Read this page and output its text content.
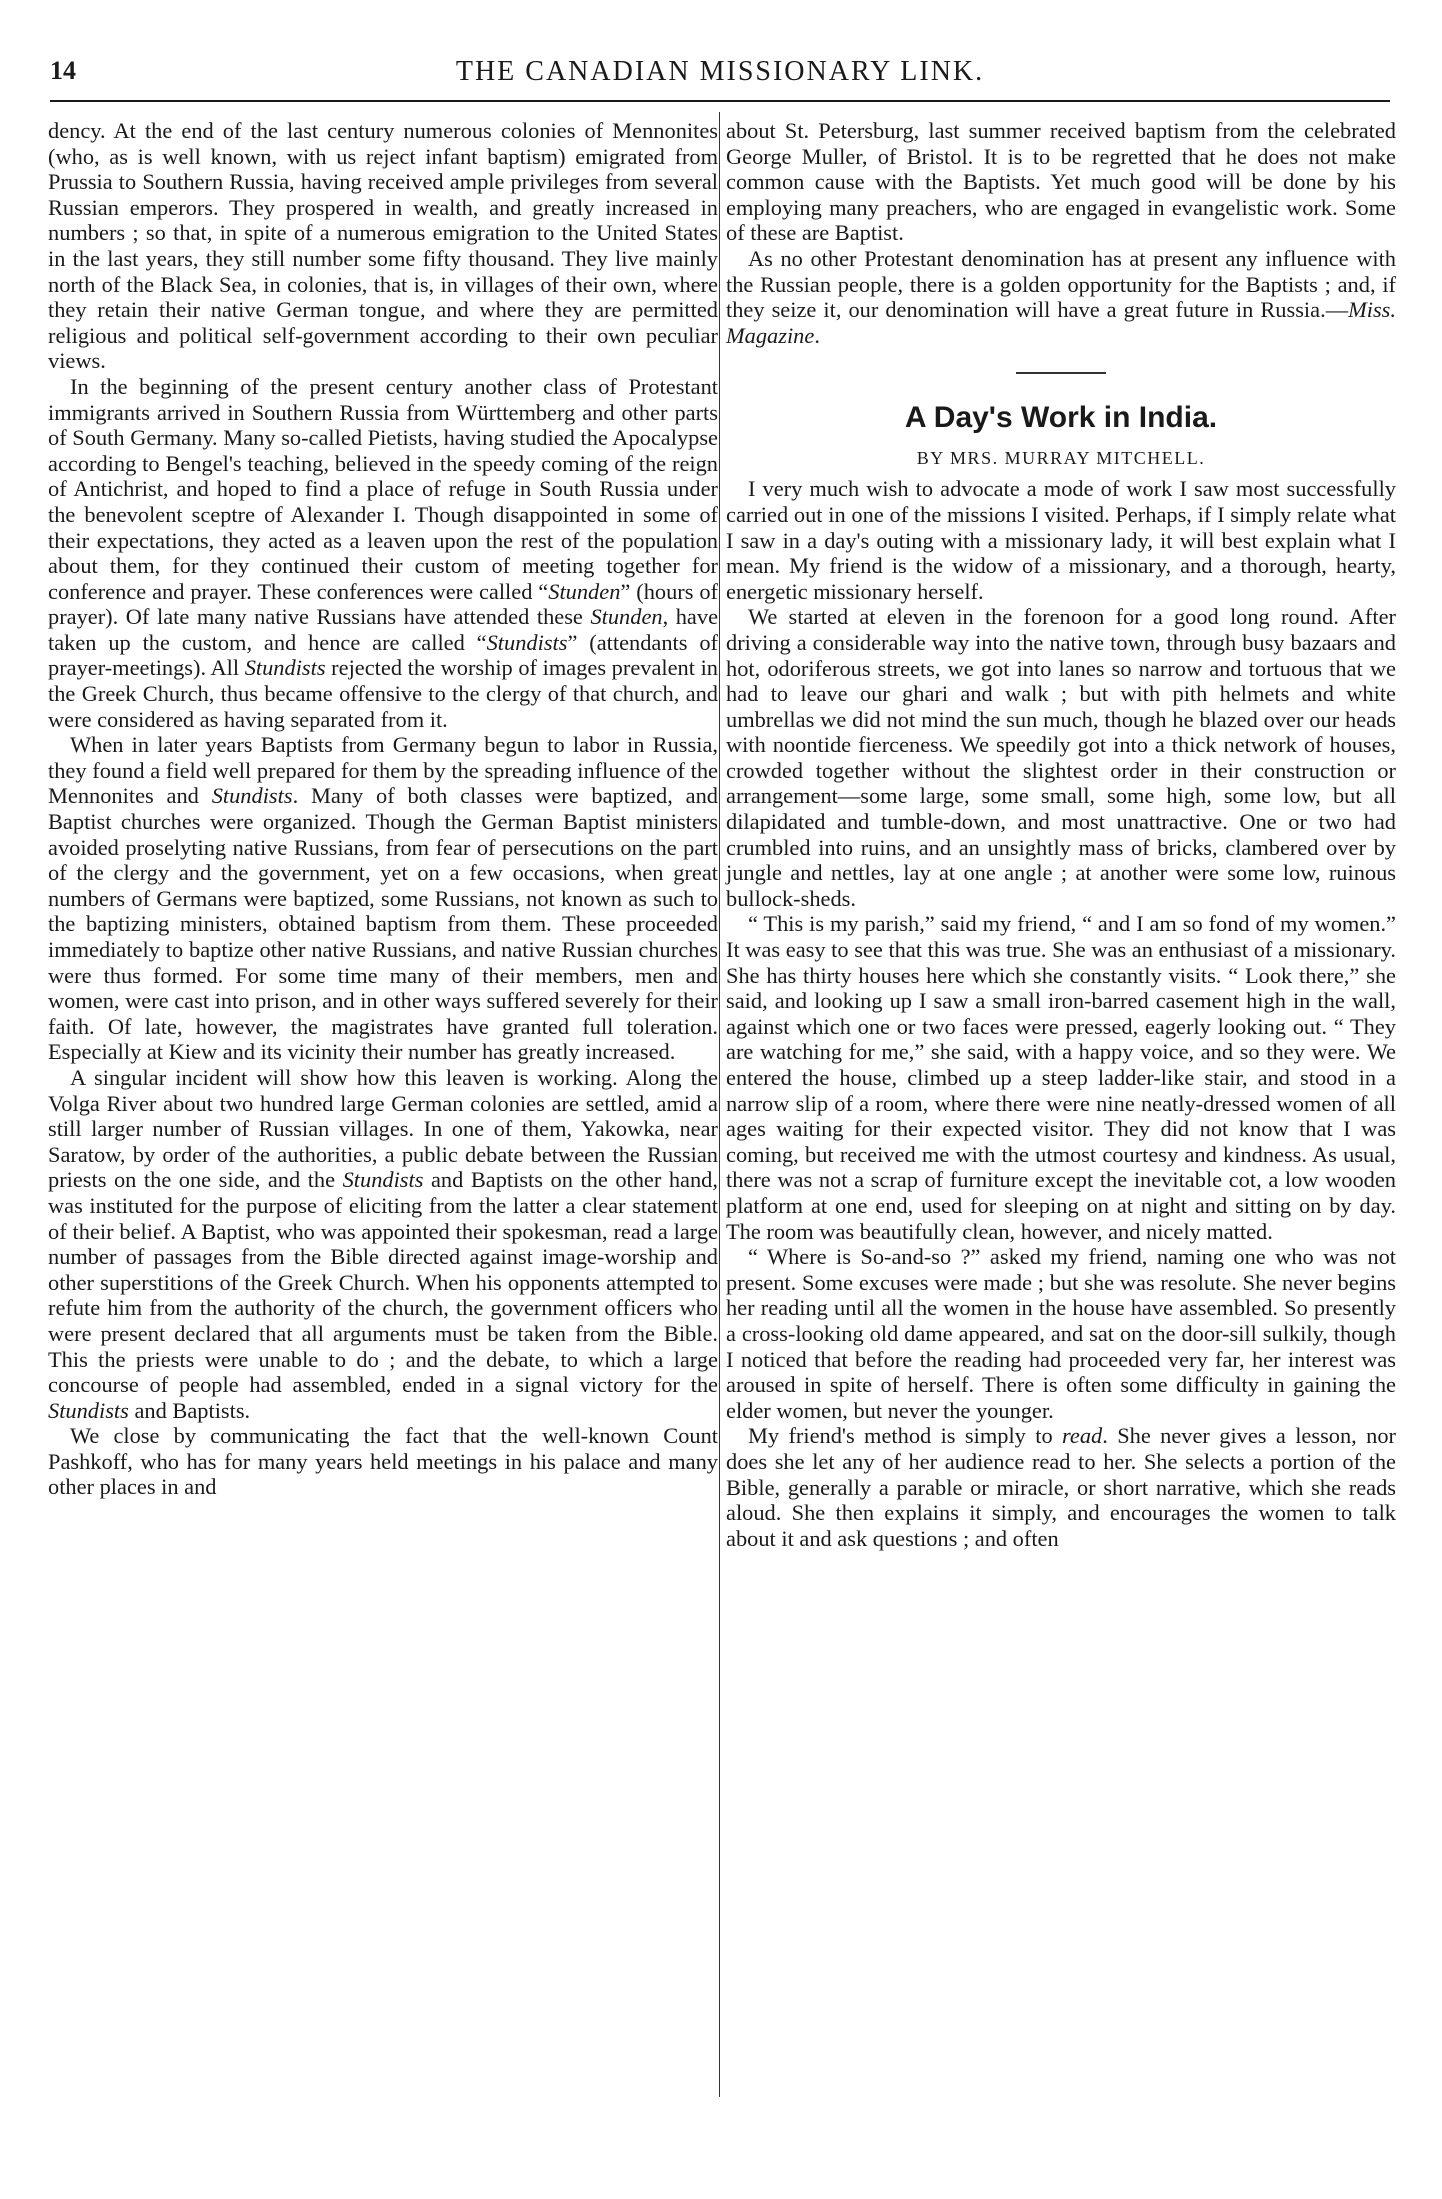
14	THE CANADIAN MISSIONARY LINK.

dency. At the end of the last century numerous colonies of Mennonites (who, as is well known, with us reject infant baptism) emigrated from Prussia to Southern Russia, having received ample privileges from several Russian emperors. They prospered in wealth, and greatly increased in numbers ; so that, in spite of a numerous emigration to the United States in the last years, they still number some fifty thousand. They live mainly north of the Black Sea, in colonies, that is, in villages of their own, where they retain their native German tongue, and where they are permitted religious and political self-government according to their own peculiar views.

In the beginning of the present century another class of Protestant immigrants arrived in Southern Russia from Württemberg and other parts of South Germany. Many so-called Pietists, having studied the Apocalypse according to Bengel's teaching, believed in the speedy coming of the reign of Antichrist, and hoped to find a place of refuge in South Russia under the benevolent sceptre of Alexander I. Though disappointed in some of their expectations, they acted as a leaven upon the rest of the population about them, for they continued their custom of meeting together for conference and prayer. These conferences were called “Stunden” (hours of prayer). Of late many native Russians have attended these Stunden, have taken up the custom, and hence are called “Stundists” (attendants of prayer-meetings). All Stundists rejected the worship of images prevalent in the Greek Church, thus became offensive to the clergy of that church, and were considered as having separated from it.

When in later years Baptists from Germany begun to labor in Russia, they found a field well prepared for them by the spreading influence of the Mennonites and Stundists. Many of both classes were baptized, and Baptist churches were organized. Though the German Baptist ministers avoided proselyting native Russians, from fear of persecutions on the part of the clergy and the government, yet on a few occasions, when great numbers of Germans were baptized, some Russians, not known as such to the baptizing ministers, obtained baptism from them. These proceeded immediately to baptize other native Russians, and native Russian churches were thus formed. For some time many of their members, men and women, were cast into prison, and in other ways suffered severely for their faith. Of late, however, the magistrates have granted full toleration. Especially at Kiew and its vicinity their number has greatly increased.

A singular incident will show how this leaven is working. Along the Volga River about two hundred large German colonies are settled, amid a still larger number of Russian villages. In one of them, Yakowka, near Saratow, by order of the authorities, a public debate between the Russian priests on the one side, and the Stundists and Baptists on the other hand, was instituted for the purpose of eliciting from the latter a clear statement of their belief. A Baptist, who was appointed their spokesman, read a large number of passages from the Bible directed against image-worship and other superstitions of the Greek Church. When his opponents attempted to refute him from the authority of the church, the government officers who were present declared that all arguments must be taken from the Bible. This the priests were unable to do ; and the debate, to which a large concourse of people had assembled, ended in a signal victory for the Stundists and Baptists.

We close by communicating the fact that the well-known Count Pashkoff, who has for many years held meetings in his palace and many other places in and

about St. Petersburg, last summer received baptism from the celebrated George Muller, of Bristol. It is to be regretted that he does not make common cause with the Baptists. Yet much good will be done by his employing many preachers, who are engaged in evangelistic work. Some of these are Baptist.

As no other Protestant denomination has at present any influence with the Russian people, there is a golden opportunity for the Baptists ; and, if they seize it, our denomination will have a great future in Russia.—Miss. Magazine.

A Day's Work in India.
BY MRS. MURRAY MITCHELL.

I very much wish to advocate a mode of work I saw most successfully carried out in one of the missions I visited. Perhaps, if I simply relate what I saw in a day's outing with a missionary lady, it will best explain what I mean. My friend is the widow of a missionary, and a thorough, hearty, energetic missionary herself.

We started at eleven in the forenoon for a good long round. After driving a considerable way into the native town, through busy bazaars and hot, odoriferous streets, we got into lanes so narrow and tortuous that we had to leave our ghari and walk ; but with pith helmets and white umbrellas we did not mind the sun much, though he blazed over our heads with noontide fierceness. We speedily got into a thick network of houses, crowded together without the slightest order in their construction or arrangement—some large, some small, some high, some low, but all dilapidated and tumble-down, and most unattractive. One or two had crumbled into ruins, and an unsightly mass of bricks, clambered over by jungle and nettles, lay at one angle ; at another were some low, ruinous bullock-sheds.

“ This is my parish,” said my friend, “ and I am so fond of my women.” It was easy to see that this was true. She was an enthusiast of a missionary. She has thirty houses here which she constantly visits. “ Look there,” she said, and looking up I saw a small iron-barred casement high in the wall, against which one or two faces were pressed, eagerly looking out. “ They are watching for me,” she said, with a happy voice, and so they were. We entered the house, climbed up a steep ladder-like stair, and stood in a narrow slip of a room, where there were nine neatly-dressed women of all ages waiting for their expected visitor. They did not know that I was coming, but received me with the utmost courtesy and kindness. As usual, there was not a scrap of furniture except the inevitable cot, a low wooden platform at one end, used for sleeping on at night and sitting on by day. The room was beautifully clean, however, and nicely matted.

“ Where is So-and-so ?” asked my friend, naming one who was not present. Some excuses were made ; but she was resolute. She never begins her reading until all the women in the house have assembled. So presently a cross-looking old dame appeared, and sat on the door-sill sulkily, though I noticed that before the reading had proceeded very far, her interest was aroused in spite of herself. There is often some difficulty in gaining the elder women, but never the younger.

My friend's method is simply to read. She never gives a lesson, nor does she let any of her audience read to her. She selects a portion of the Bible, generally a parable or miracle, or short narrative, which she reads aloud. She then explains it simply, and encourages the women to talk about it and ask questions ; and often
